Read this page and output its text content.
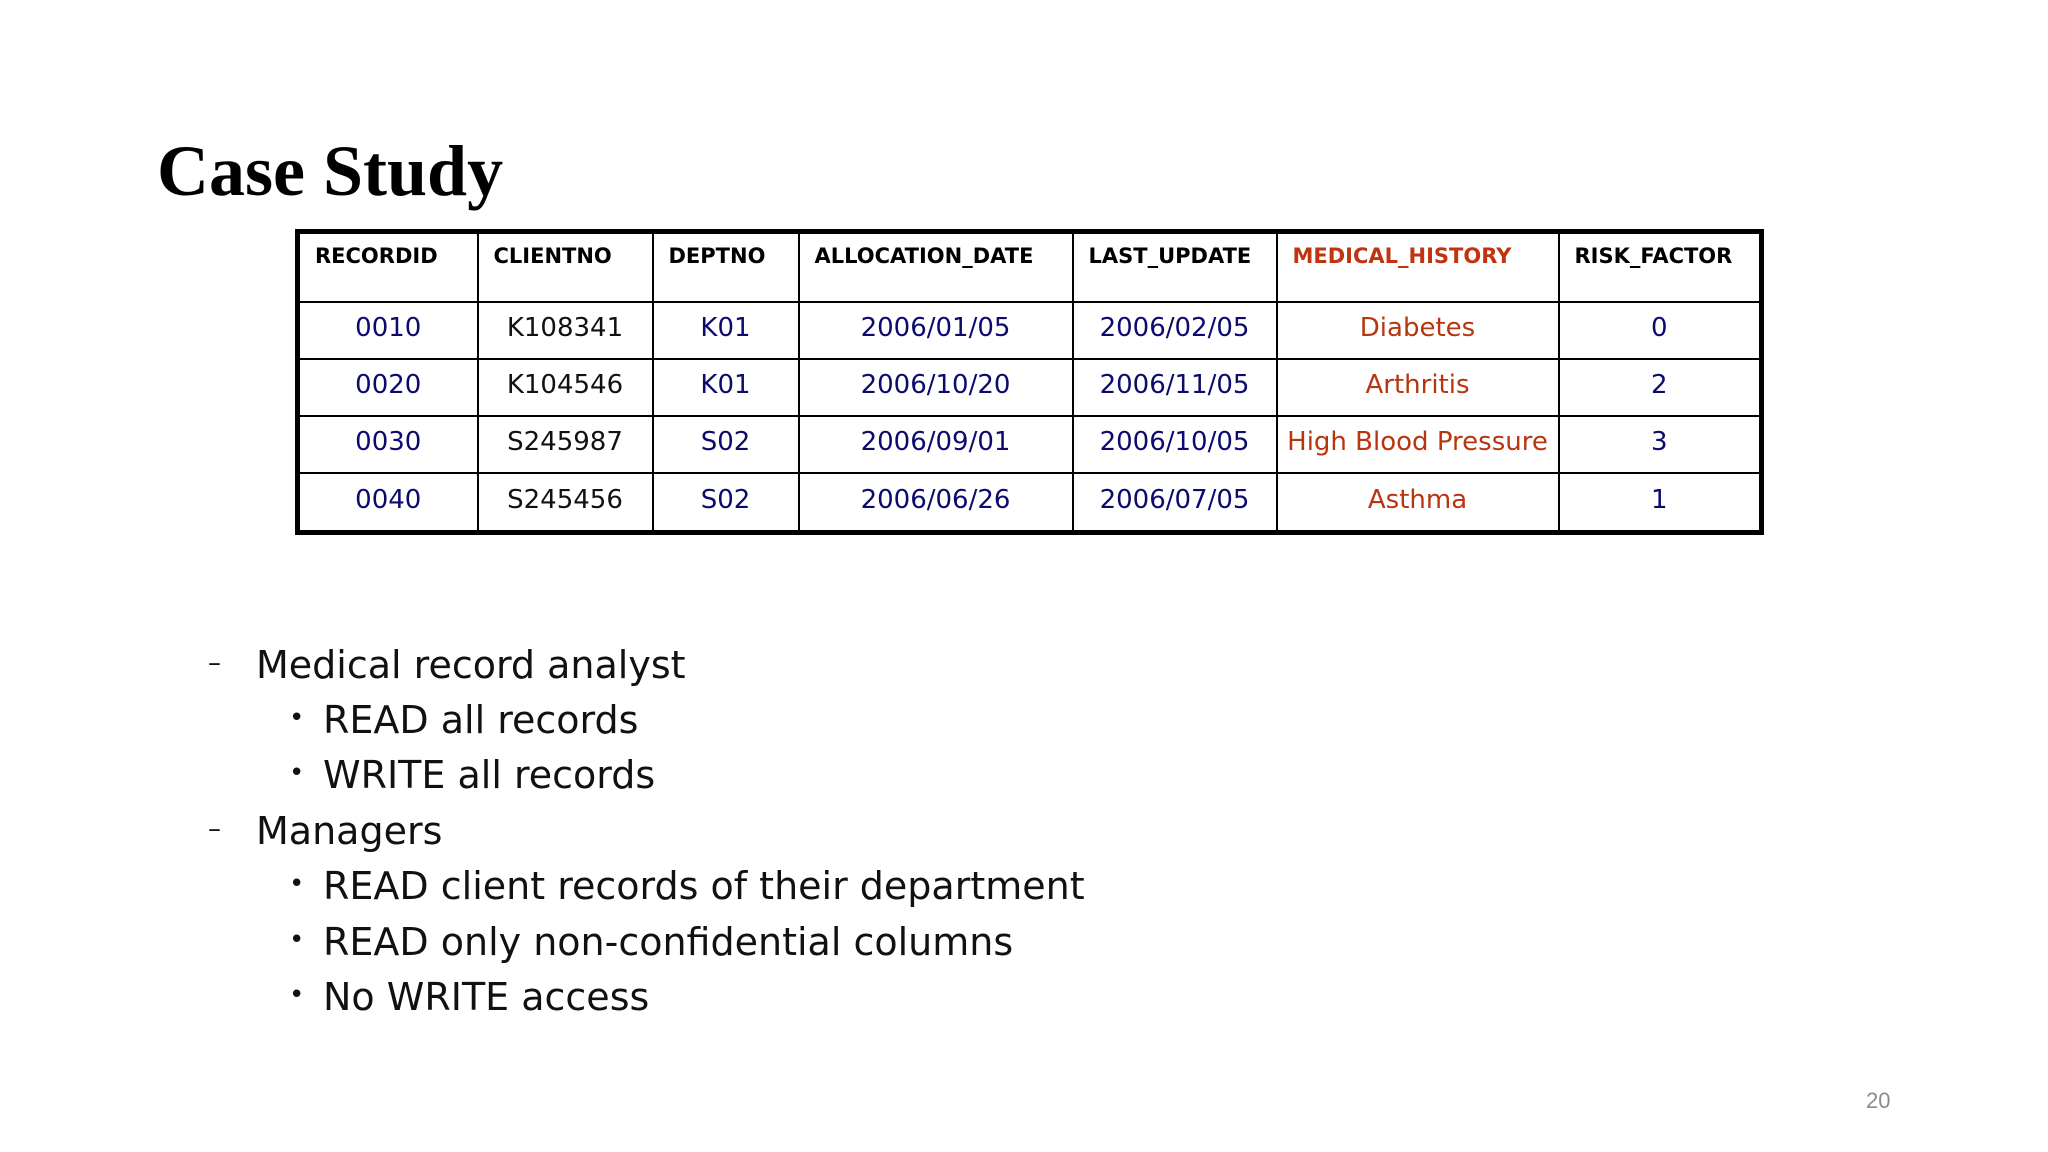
Case Study
RECORDID	CLIENTNO	DEPTNO	ALLOCATION_DATE	LAST_UPDATE	MEDICAL_HISTORY	RISK_FACTOR
0010	K108341	K01	2006/01/05	2006/02/05	Diabetes	0
0020	K104546	K01	2006/10/20	2006/11/05	Arthritis	2
0030	S245987	S02	2006/09/01	2006/10/05	High Blood Pressure	3
0040	S245456	S02	2006/06/26	2006/07/05	Asthma	1
– Medical record analyst
• READ all records
• WRITE all records
– Managers
• READ client records of their department
• READ only non-confidential columns
• No WRITE access
20
